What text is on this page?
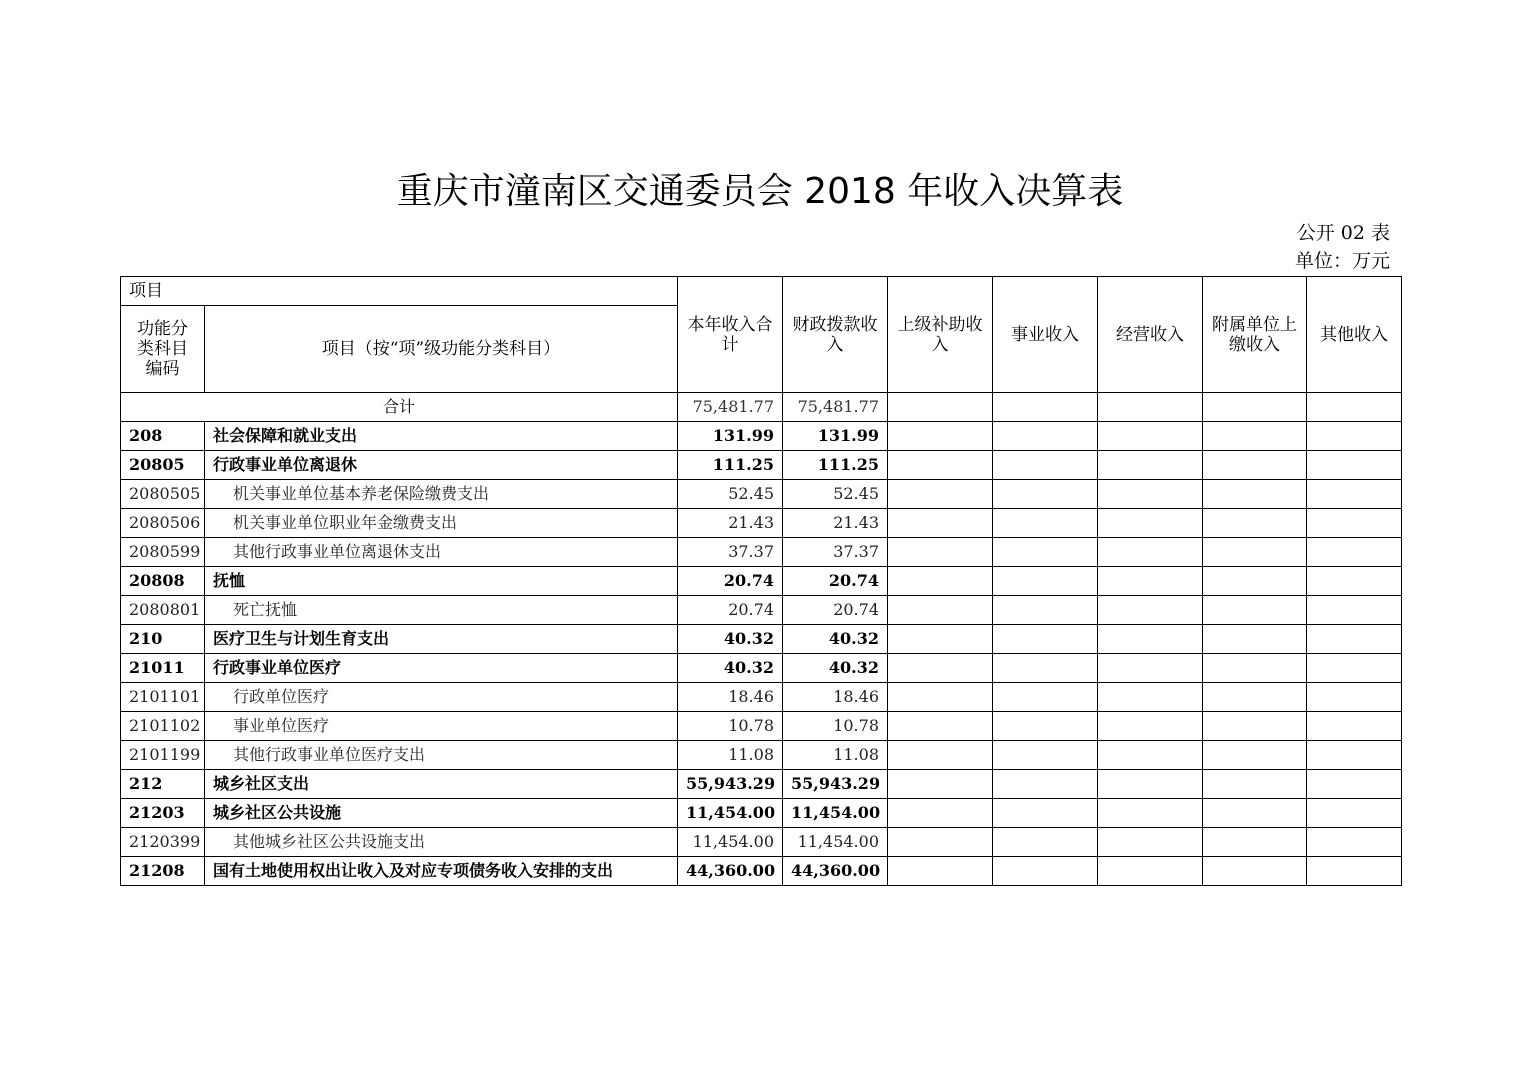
重庆市潼南区交通委员会 2018 年收入决算表
公开 02 表
单位：万元
项目		本年收入合计	财政拨款收入	上级补助收入	事业收入	经营收入	附属单位上缴收入	其他收入
功能分类科目编码	项目（按“项”级功能分类科目）							
合计		75,481.77	75,481.77					
208	社会保障和就业支出	131.99	131.99					
20805	行政事业单位离退休	111.25	111.25					
2080505	机关事业单位基本养老保险缴费支出	52.45	52.45					
2080506	机关事业单位职业年金缴费支出	21.43	21.43					
2080599	其他行政事业单位离退休支出	37.37	37.37					
20808	抚恤	20.74	20.74					
2080801	死亡抚恤	20.74	20.74					
210	医疗卫生与计划生育支出	40.32	40.32					
21011	行政事业单位医疗	40.32	40.32					
2101101	行政单位医疗	18.46	18.46					
2101102	事业单位医疗	10.78	10.78					
2101199	其他行政事业单位医疗支出	11.08	11.08					
212	城乡社区支出	55,943.29	55,943.29					
21203	城乡社区公共设施	11,454.00	11,454.00					
2120399	其他城乡社区公共设施支出	11,454.00	11,454.00					
21208	国有土地使用权出让收入及对应专项债务收入安排的支出	44,360.00	44,360.00					
